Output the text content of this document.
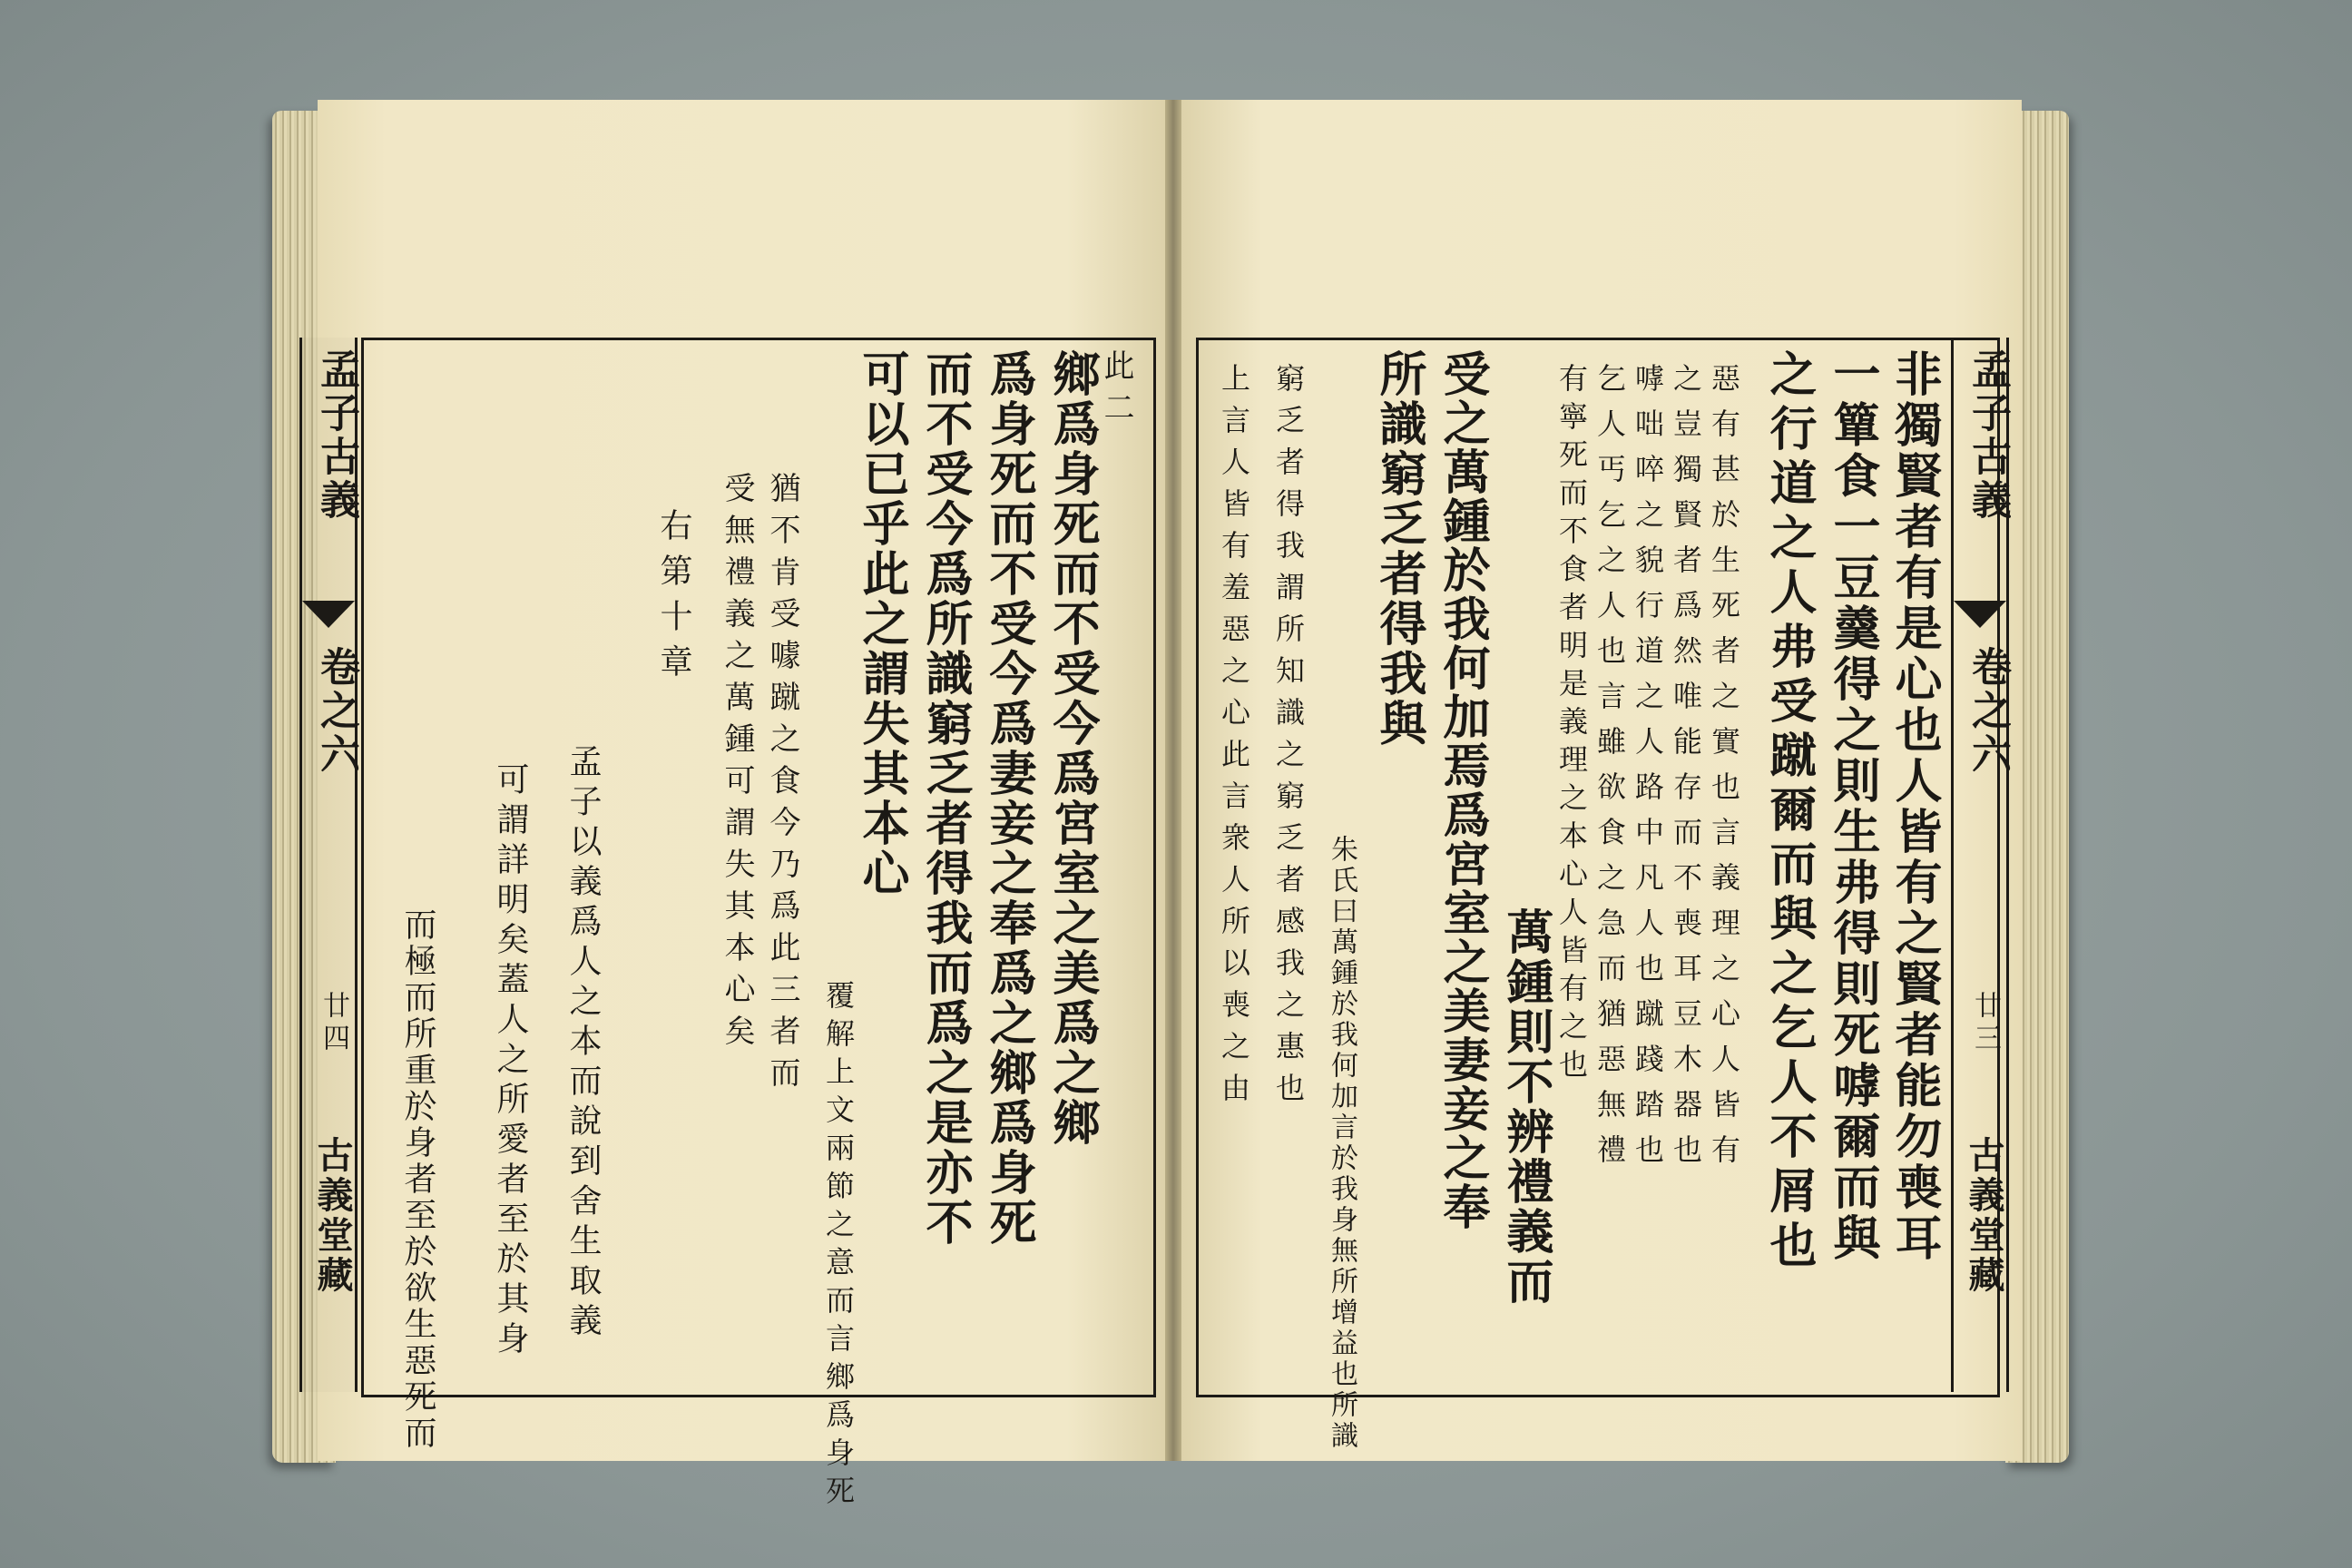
孟子古義
卷之六
廿四
古義堂藏
孟子古義
卷之六
廿三
古義堂藏
此二
鄉爲身死而不受今爲宮室之美爲之鄉
爲身死而不受今爲妻妾之奉爲之鄉爲身死
而不受今爲所識窮乏者得我而爲之是亦不
可以已乎此之謂失其本心
覆解上文兩節之意而言鄉爲身死
猶不肯受噱蹴之食今乃爲此三者而
受無禮義之萬鍾可謂失其本心矣
右第十章
孟子以義爲人之本而說到舍生取義
可謂詳明矣蓋人之所愛者至於其身
而極而所重於身者至於欲生惡死而	非獨賢者有是心也人皆有之賢者能勿喪耳
一簞食一豆羹得之則生弗得則死嘑爾而與
之行道之人弗受蹴爾而與之乞人不屑也
惡有甚於生死者之實也言義理之心人皆有
之豈獨賢者爲然唯能存而不喪耳豆木器也
嘑咄啐之貌行道之人路中凡人也蹴踐踏也
乞人丐乞之人也言雖欲食之急而猶惡無禮
有寧死而不食者明是義理之本心人皆有之也
萬鍾則不辨禮義而
受之萬鍾於我何加焉爲宮室之美妻妾之奉
所識窮乏者得我與
朱氏曰萬鍾於我何加言於我身無所增益也所識
窮乏者得我謂所知識之窮乏者感我之惠也
上言人皆有羞惡之心此言衆人所以喪之由
